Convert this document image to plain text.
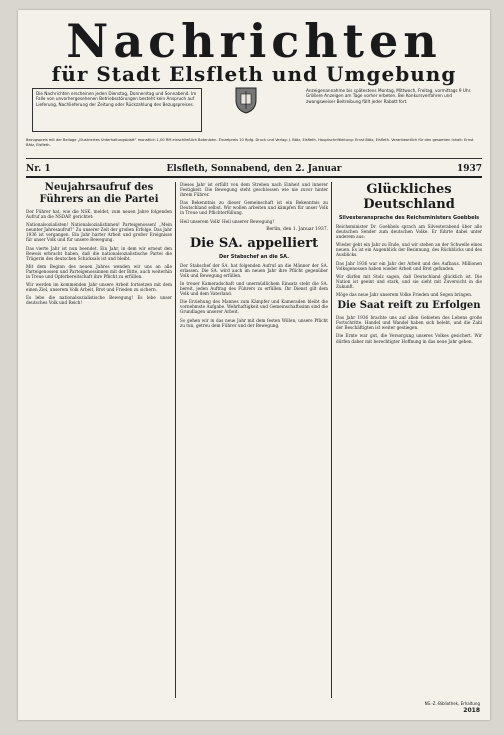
Nachrichten
für Stadt Elsfleth und Umgebung
Die Nachrichten erscheinen jeden Dienstag, Donnerstag und Sonnabend. Im Falle von unvorhergesehenen Betriebsstörungen besteht kein Anspruch auf Lieferung, Nachlieferung der Zeitung oder Rückzahlung des Bezugspreises.
Anzeigenannahme bis spätestens Montag, Mittwoch, Freitag, vormittags 9 Uhr. Größere Anzeigen am Tage vorher erbeten. Bei Konkursverfahren und zwangsweiser Beitreibung fällt jeder Rabatt fort.
Bezugspreis mit der Beilage „Illustriertes Unterhaltungsblatt“ monatlich 1,00 RM einschließlich Botenlohn. Einzelpreis 10 Rpfg. Druck und Verlag: J. Bätz, Elsfleth. Hauptschriftleitung: Ernst Bätz, Elsfleth. Verantwortlich für den gesamten Inhalt: Ernst Bätz, Elsfleth.
Nr. 1	Elsfleth, Sonnabend, den 2. Januar	1937
Neujahrsaufruf des Führers an die Partei

Der Führer hat, wie die NSK. meldet, zum neuen Jahre folgenden Aufruf an die NSDAP. gerichtet:

Nationalsozialisten! Nationalsozialistinnen! Parteigenossen! „Mein neunter Jahresaufruf!“ Zu unserer Zeit der großen Erfolge. Das Jahr 1936 ist vergangen. Ein Jahr harter Arbeit und großer Ereignisse für unser Volk und für unsere Bewegung.

Das vierte Jahr ist nun beendet. Ein Jahr, in dem wir erneut den Beweis erbracht haben, daß die nationalsozialistische Partei die Trägerin des deutschen Schicksals ist und bleibt.

Mit dem Beginn des neuen Jahres wenden wir uns an alle Parteigenossen und Parteigenossinnen mit der Bitte, auch weiterhin in Treue und Opferbereitschaft ihre Pflicht zu erfüllen.

Wir werden im kommenden Jahr unsere Arbeit fortsetzen mit dem einen Ziel, unserem Volk Arbeit, Brot und Frieden zu sichern.

Es lebe die nationalsozialistische Bewegung! Es lebe unser deutsches Volk und Reich!

Dieses Jahr ist erfüllt von dem Streben nach Einheit und innerer Festigkeit. Die Bewegung steht geschlossen wie nie zuvor hinter ihrem Führer.

Das Bekenntnis zu dieser Gemeinschaft ist ein Bekenntnis zu Deutschland selbst. Wir wollen arbeiten und kämpfen für unser Volk in Treue und Pflichterfüllung.

Heil unserem Volk! Heil unserer Bewegung!

Berlin, den 1. Januar 1937.

Die SA. appelliert

Der Stabschef an die SA.

Der Stabschef der SA. hat folgenden Aufruf an die Männer der SA. erlassen. Die SA. wird auch im neuen Jahr ihre Pflicht gegenüber Volk und Bewegung erfüllen.

In treuer Kameradschaft und unermüdlichem Einsatz steht die SA. bereit, jeden Auftrag des Führers zu erfüllen. Ihr Dienst gilt dem Volk und dem Vaterland.

Die Erziehung des Mannes zum Kämpfer und Kameraden bleibt die vornehmste Aufgabe. Wehrhaftigkeit und Gemeinschaftssinn sind die Grundlagen unserer Arbeit.

So gehen wir in das neue Jahr mit dem festen Willen, unsere Pflicht zu tun, getreu dem Führer und der Bewegung.

Glückliches Deutschland

Silvesteransprache des Reichsministers Goebbels

Reichsminister Dr. Goebbels sprach am Silvesterabend über alle deutschen Sender zum deutschen Volke. Er führte dabei unter anderem aus:

Wieder geht ein Jahr zu Ende, und wir stehen an der Schwelle eines neuen. Es ist ein Augenblick der Besinnung, des Rückblicks und des Ausblicks.

Das Jahr 1936 war ein Jahr der Arbeit und des Aufbaus. Millionen Volksgenossen haben wieder Arbeit und Brot gefunden.

Wir dürfen mit Stolz sagen, daß Deutschland glücklich ist. Die Nation ist geeint und stark, und sie sieht mit Zuversicht in die Zukunft.

Möge das neue Jahr unserem Volke Frieden und Segen bringen.

Die Saat reift zu Erfolgen

Das Jahr 1936 brachte uns auf allen Gebieten des Lebens große Fortschritte. Handel und Wandel haben sich belebt, und die Zahl der Beschäftigten ist weiter gestiegen.

Die Ernte war gut, die Versorgung unseres Volkes gesichert. Wir dürfen daher mit berechtigter Hoffnung in das neue Jahr gehen.

NS.-Z.-Bibliothek, Erhaltung
2018
